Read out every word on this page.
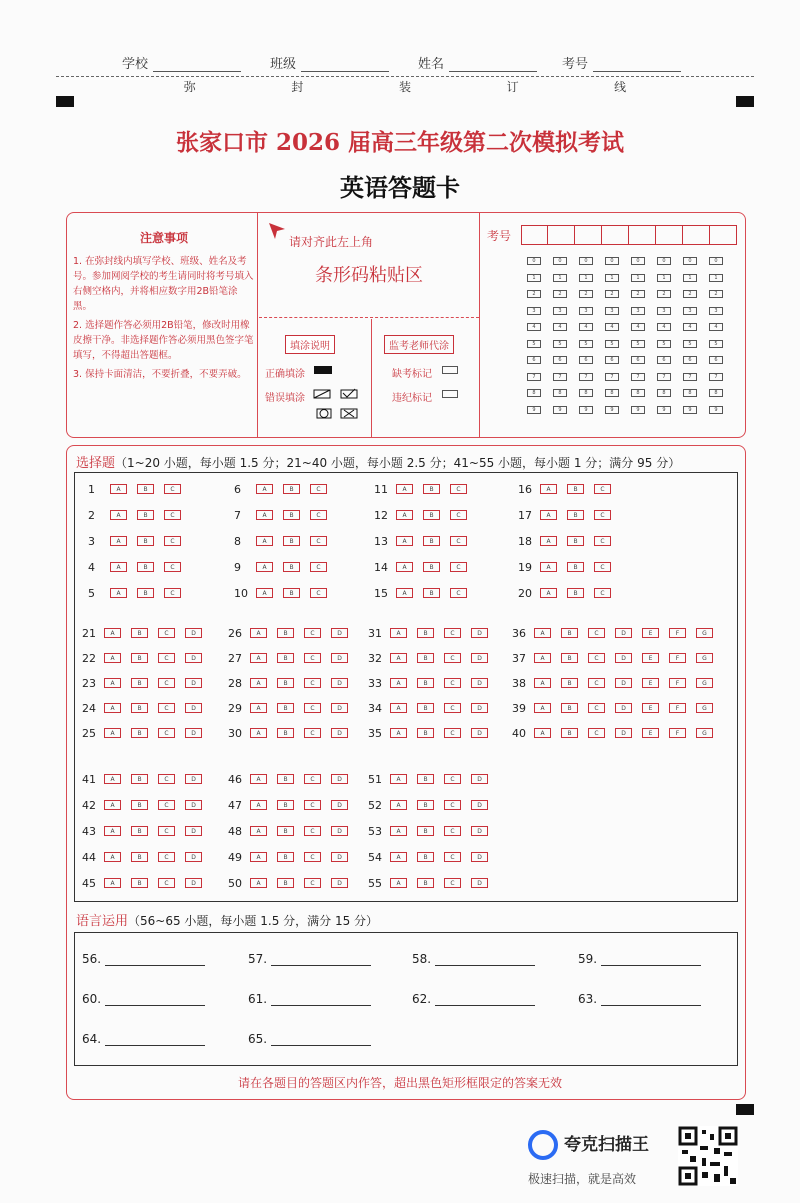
学校	班级	姓名	考号
弥	封	装	订	线
张家口市 2026 届高三年级第二次模拟考试
英语答题卡
注意事项
1. 在弥封线内填写学校、班级、姓名及考号。参加网阅学校的考生请同时将考号填入右侧空格内，并将相应数字用2B铅笔涂黑。
2. 选择题作答必须用2B铅笔，修改时用橡皮擦干净。非选择题作答必须用黑色签字笔填写，不得超出答题框。
3. 保持卡面清洁，不要折叠，不要弄破。
请对齐此左上角
条形码粘贴区
填涂说明
正确填涂
错误填涂
监考老师代涂
缺考标记
违纪标记
考号
0	0	0	0	0	0	0	0
1	1	1	1	1	1	1	1
2	2	2	2	2	2	2	2
3	3	3	3	3	3	3	3
4	4	4	4	4	4	4	4
5	5	5	5	5	5	5	5
6	6	6	6	6	6	6	6
7	7	7	7	7	7	7	7
8	8	8	8	8	8	8	8
9	9	9	9	9	9	9	9
选择题（1~20 小题，每小题 1.5 分；21~40 小题，每小题 2.5 分；41~55 小题，每小题 1 分；满分 95 分）
1	A	B	C
2	A	B	C
3	A	B	C
4	A	B	C
5	A	B	C
6	A	B	C
7	A	B	C
8	A	B	C
9	A	B	C
10	A	B	C
11	A	B	C
12	A	B	C
13	A	B	C
14	A	B	C
15	A	B	C
16	A	B	C
17	A	B	C
18	A	B	C
19	A	B	C
20	A	B	C
21	A	B	C	D
22	A	B	C	D
23	A	B	C	D
24	A	B	C	D
25	A	B	C	D
26	A	B	C	D
27	A	B	C	D
28	A	B	C	D
29	A	B	C	D
30	A	B	C	D
31	A	B	C	D
32	A	B	C	D
33	A	B	C	D
34	A	B	C	D
35	A	B	C	D
36	A	B	C	D	E	F	G
37	A	B	C	D	E	F	G
38	A	B	C	D	E	F	G
39	A	B	C	D	E	F	G
40	A	B	C	D	E	F	G
41	A	B	C	D
42	A	B	C	D
43	A	B	C	D
44	A	B	C	D
45	A	B	C	D
46	A	B	C	D
47	A	B	C	D
48	A	B	C	D
49	A	B	C	D
50	A	B	C	D
51	A	B	C	D
52	A	B	C	D
53	A	B	C	D
54	A	B	C	D
55	A	B	C	D
语言运用（56~65 小题，每小题 1.5 分，满分 15 分）
56.	57.	58.	59.
60.	61.	62.	63.
64.	65.
请在各题目的答题区内作答，超出黑色矩形框限定的答案无效
夸克扫描王
极速扫描，就是高效
